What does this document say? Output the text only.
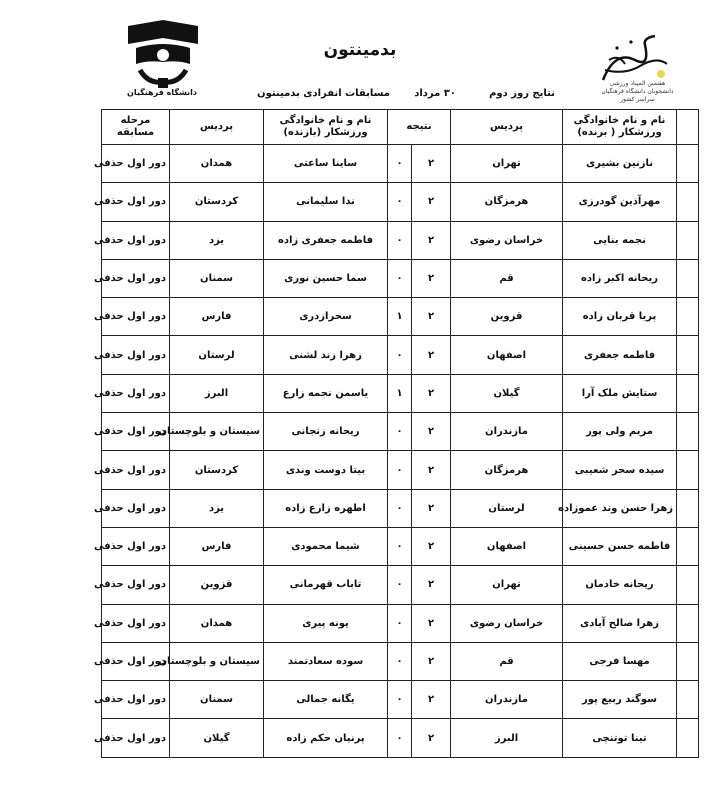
دانشگاه فرهنگیان
بدمینتون
هفتمین المپیاد ورزشی دانشجویان دانشگاه فرهنگیان سراسر کشور
نتایج روز دوم
۳۰ مرداد
مسابقات انفرادی بدمینتون
مرحله مسابقه	پردیس	نام و نام خانوادگی ورزشکار (بازنده)	نتیجه		پردیس	نام و نام خانوادگی ورزشکار ( برنده)	
دور اول حذفی	همدان	ساینا ساعتی	۰	۲	تهران	نازنین بشیری	
دور اول حذفی	کردستان	ندا سلیمانی	۰	۲	هرمزگان	مهرآذین گودرزی	
دور اول حذفی	یزد	فاطمه جعفری زاده	۰	۲	خراسان رضوی	نجمه بنایی	
دور اول حذفی	سمنان	سما حسین نوری	۰	۲	قم	ریحانه اکبر زاده	
دور اول حذفی	فارس	سحرازدری	۱	۲	قزوین	پریا قربان زاده	
دور اول حذفی	لرستان	زهرا زند لشنی	۰	۲	اصفهان	فاطمه جعفری	
دور اول حذفی	البرز	یاسمن نجمه زارع	۱	۲	گیلان	ستایش ملک آرا	
دور اول حذفی	سیستان و بلوچستان	ریحانه زنجانی	۰	۲	مازندران	مریم ولی پور	
دور اول حذفی	کردستان	بیتا دوست وندی	۰	۲	هرمزگان	سیده سحر شعیبی	
دور اول حذفی	یزد	اطهره زارع زاده	۰	۲	لرستان	زهرا حسن وند عموزاده	
دور اول حذفی	فارس	شیما محمودی	۰	۲	اصفهان	فاطمه حسن حسینی	
دور اول حذفی	قزوین	تاباب قهرمانی	۰	۲	تهران	ریحانه خادمان	
دور اول حذفی	همدان	یونه پیری	۰	۲	خراسان رضوی	زهرا صالح آبادی	
دور اول حذفی	سیستان و بلوچستان	سوده سعادتمند	۰	۲	قم	مهسا فرجی	
دور اول حذفی	سمنان	یگانه جمالی	۰	۲	مازندران	سوگند ربیع پور	
دور اول حذفی	گیلان	پرنیان حکم زاده	۰	۲	البرز	تینا توتنچی	
